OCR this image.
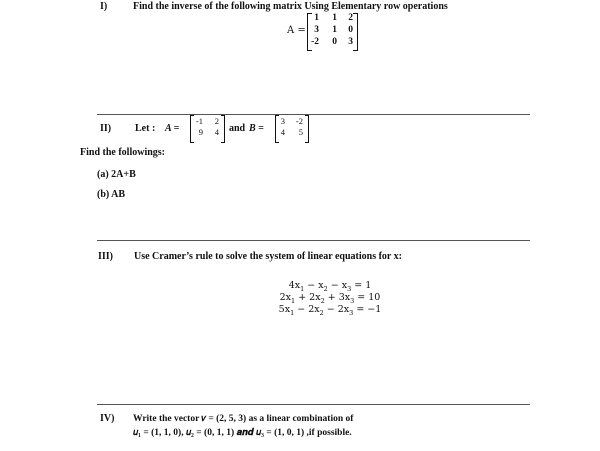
I)	Find the inverse of the following matrix Using Elementary row operations
A =
1	1	2
3	1	0
-2	0	3
II) Let : A =
-1	2
9	4 and B =
3	-2
4	5
Find the followings:
(a) 2A+B
(b) AB
III) Use Cramer’s rule to solve the system of linear equations for x:
$4x_1 - x_2 - x_3 = 1$
$2x_1 + 2x_2 + 3x_3 = 10$
$5x_1 - 2x_2 - 2x_3 = -1$
IV) Write the vector 𝑣 = (2, 5, 3) as a linear combination of
𝑢₁ = (1, 1, 0), 𝑢₂ = (0, 1, 1) 𝒂𝒏𝒅 𝑢₃ = (1, 0, 1) ,if possible.
